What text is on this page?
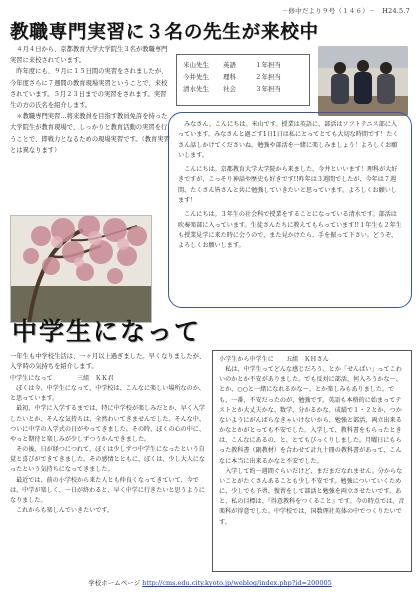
－修中だより９号（１４６）－　H24.5.7
教職専門実習に３名の先生が来校中

４月４日から、京都教育大学大学院生３名が教職専門実習に来校されています。

昨年度にも、９月に１５日間の実習をされましたが、今年度さらに７週間の教育現場実習ということで、来校されています。５月２３日までの実習をされます。実習生の方の氏名を紹介します。

＊教職専門実習…将来教員を目指す教員免許を持った大学院生が教育現場で、しっかりと教育活動の実習を行うことで、即戦力となるための現場実習です。（教育実習とは異なります）

米山先生	英語	１年担当
今井先生	理科	２年担当
清水先生	社会	３年担当

みなさん、こんにちは。米山です。授業は英語に、部活はソフトテニス部に入っています。みなさんと過ごす1日1日は私にとってとても大切な時間です！たくさん話しかけてくださいね。勉強や部活を一緒に楽しみましょう！よろしくお願いします。

こんにちは。京都教育大学大学院から来ました、今井といいます！理科が大好きですが、こっそり神話や歴史も好きです!!昨年は３週間でしたが、今年は７週間、たくさん皆さんと共に勉強していきたいと思っています。よろしくお願いします！

こんにちは。３年生の社会科で授業をすることになっている清水です。部活は吹奏楽部に入っています。生徒さんたちに教えてもらっています!!１年生も２年生も授業見学に来た時に会うので、また見かけたら、手を振って下さい。どうぞ、よろしくお願いします。

中学生になって

一年生も中学校生活は、一ヶ月以上過ぎました。早くなりましたが、入学時の気持ちを紹介します。

中学生になって　　　　三組　ＫＫ君

ぼくは今、中学生になって、中学校は、こんなに楽しい場所なのか、と思っています。

最初、中学に入学するまでは、特に中学校が楽しみだとか、早く入学したいとか、そんな気持ちは、全然わいてきませんでした。そんな中、ついに中学の入学式の日がやってきました。その時、ぼくの心の中に、やっと期待と楽しみが少しずつうかんできました。

その後、日が経つにつれて、ぼくは少しずつ中学生になったという自覚と喜びができてきました。その感情とともに、ぼくは、少し大人になったという気持ちになってきました。

最近では、前の小学校から来た人とも仲良くなってきていて、今では、中学が楽しく、一日が終わると、早く中学に行きたいと思うようになりました。

これからも楽しんでいきたいです。

小学生から中学生に　　五組　ＫＨさん

私は、中学生ってどんな感じだろう、とか「せんぱい」ってこわいのかとか不安がありました。でも反対に部活、何入ろうかな～、とか、○○と一緒になれるかな～、とか楽しみもありました。でも、一番、不安だったのが、勉強です。英語も本格的に始まってテストとか大丈夫かな、数学、分かるかな、成績で１・２とか、つかないようにがんばらなきゃいけないから、勉強と部活、両立出来るかなとかがとっても不安でした。入学して、教科書をもらったときは、こんなにあるの、と、とてもびっくりしました。月曜日にもらった教科書（副教材）を合わせて計九十冊の教科書があって、こんなに本当に出来るかなと不安でした。

入学して約一週間ぐらいだけど、まだまだなれません。分からないことがたくさんあることも少し不安です。勉強についていくために、少しでも予習、復習をして部活と勉強を両立させたいです。あと、私の目標は、『得意教科をつくること』です。今の時点では、音楽科が得意でした。中学校では、国数理社英体の中でつくりたいです。

学校ホームページ http://cms.edu.city.kyoto.jp/weblog/index.php?id=200005
